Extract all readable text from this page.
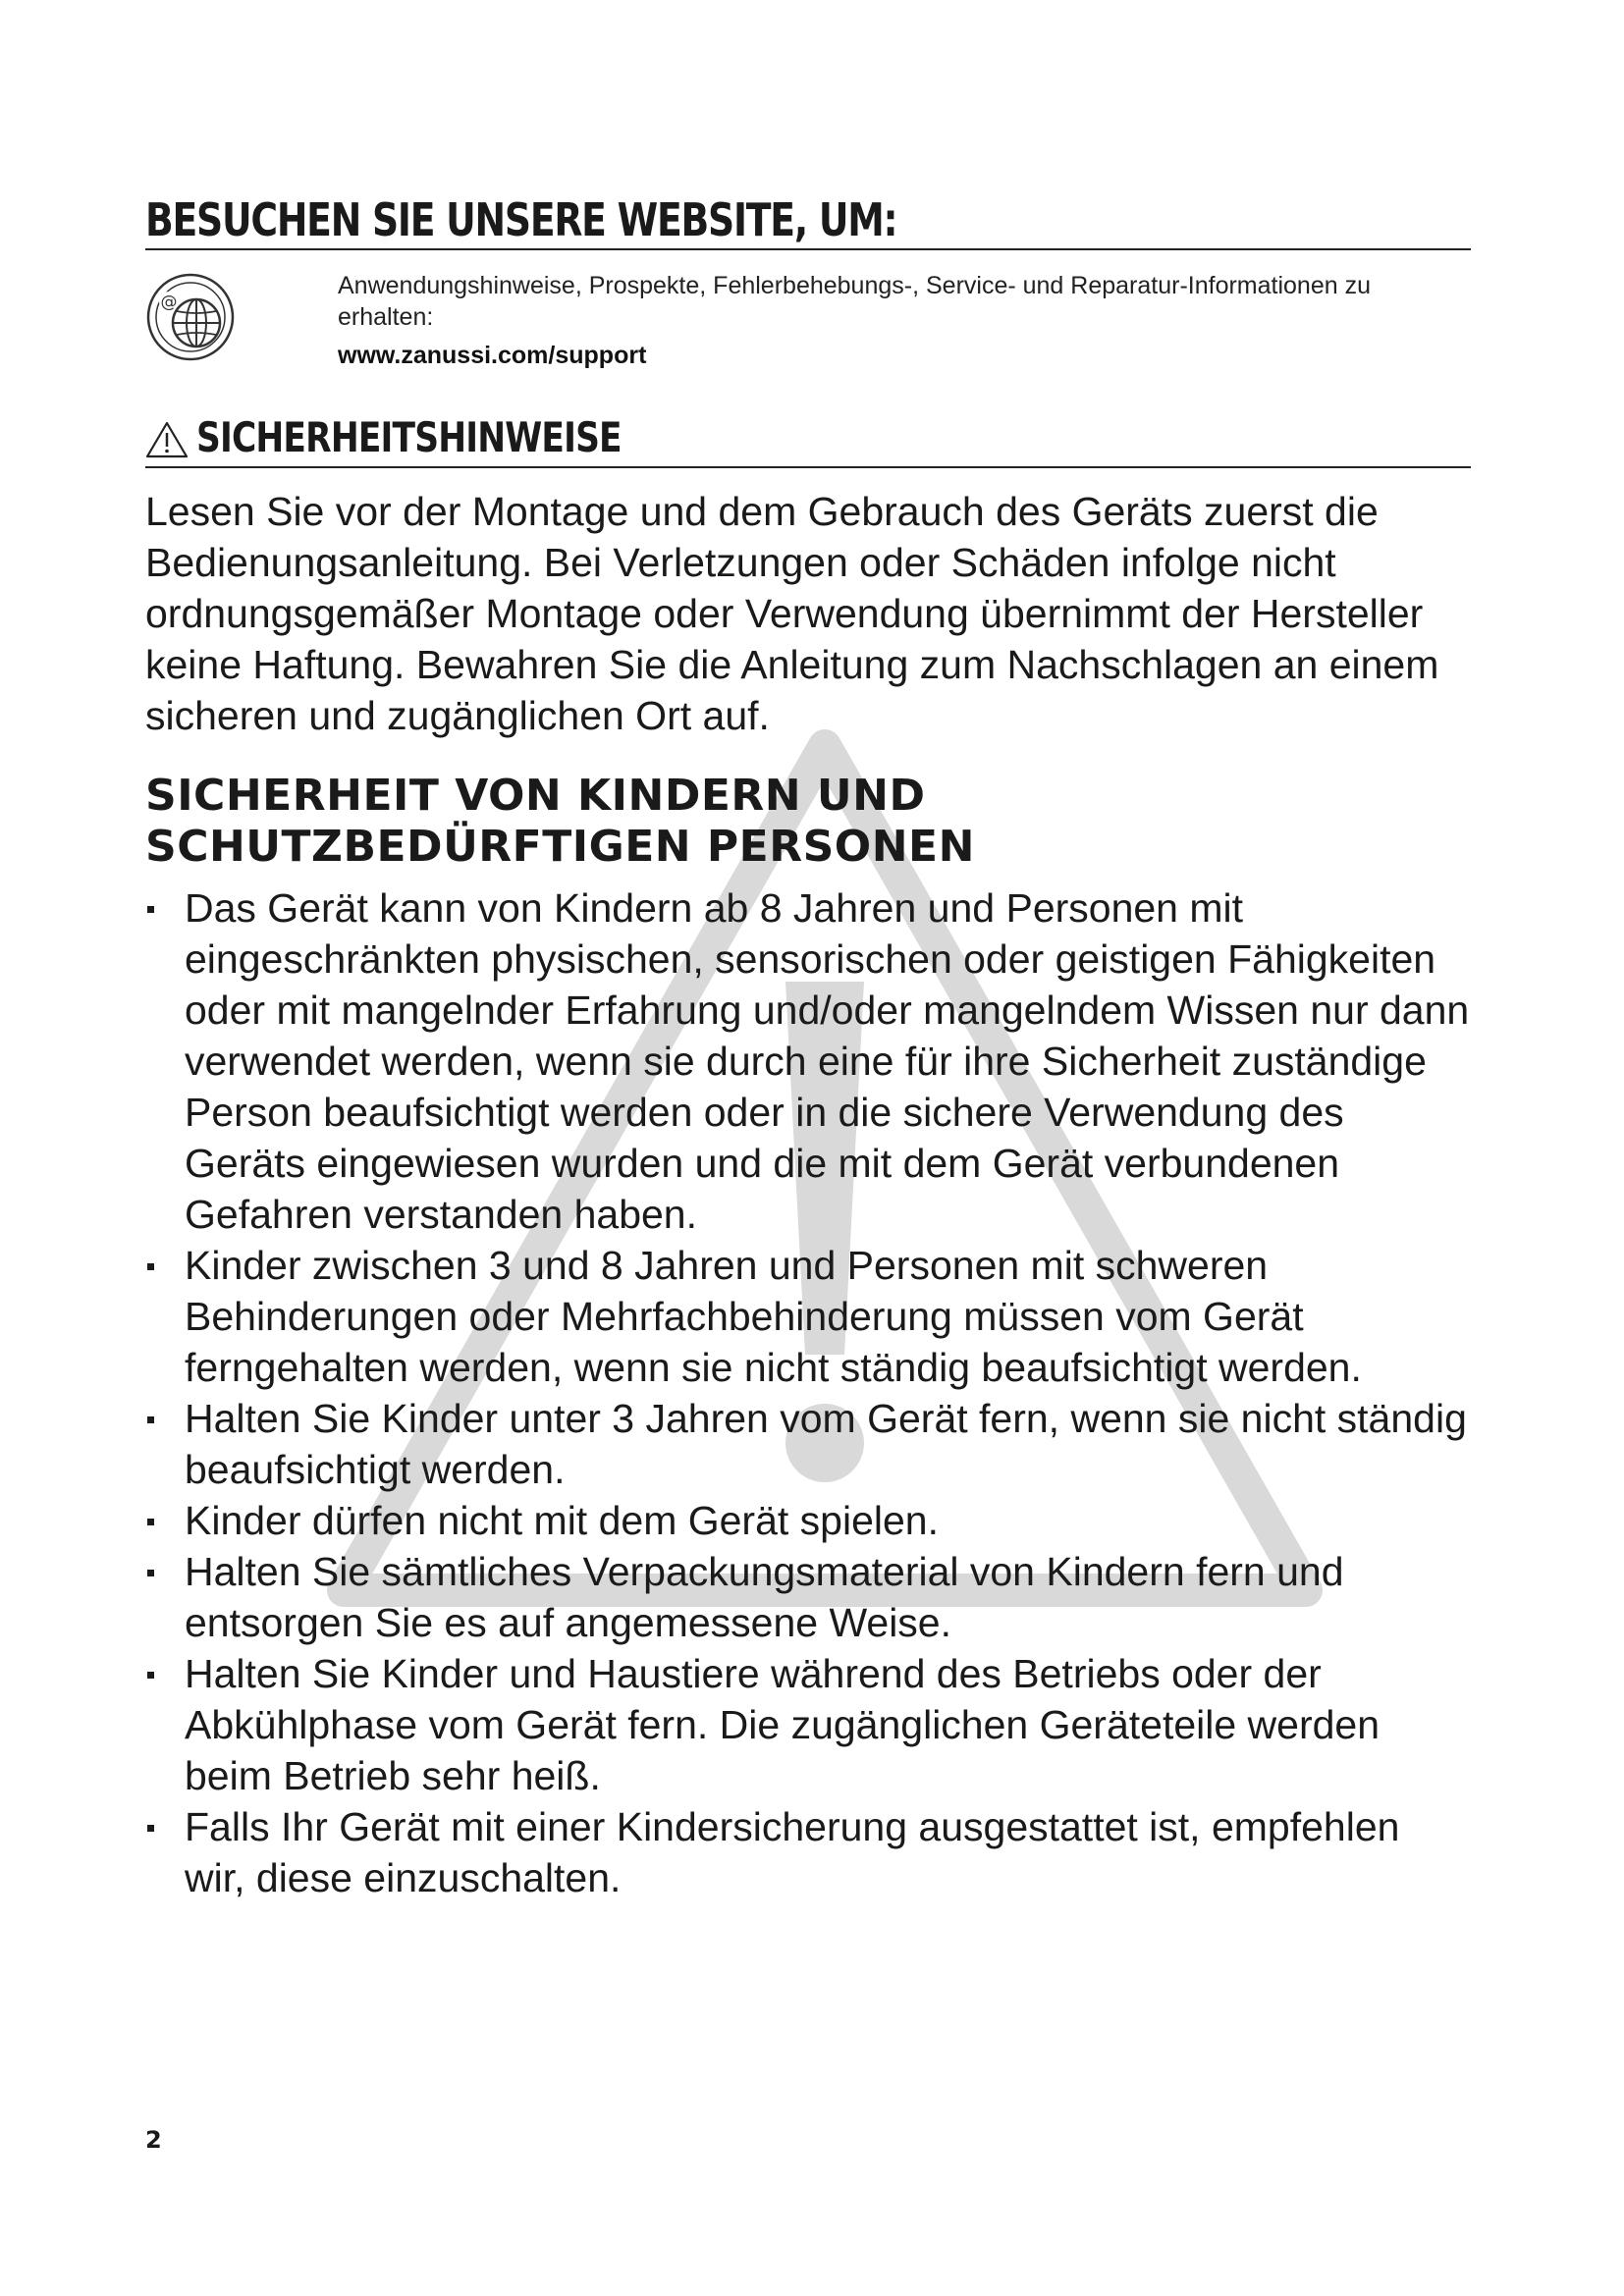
BESUCHEN SIE UNSERE WEBSITE, UM:
@

Anwendungshinweise, Prospekte, Fehlerbehebungs-, Service- und Reparatur-Informationen zu erhalten:

www.zanussi.com/support

SICHERHEITSHINWEISE

Lesen Sie vor der Montage und dem Gebrauch des Geräts zuerst die Bedienungsanleitung. Bei Verletzungen oder Schäden infolge nicht ordnungsgemäßer Montage oder Verwendung übernimmt der Hersteller keine Haftung. Bewahren Sie die Anleitung zum Nachschlagen an einem sicheren und zugänglichen Ort auf.

SICHERHEIT VON KINDERN UND
SCHUTZBEDÜRFTIGEN PERSONEN
Das Gerät kann von Kindern ab 8 Jahren und Personen mit eingeschränkten physischen, sensorischen oder geistigen Fähigkeiten oder mit mangelnder Erfahrung und/oder mangelndem Wissen nur dann verwendet werden, wenn sie durch eine für ihre Sicherheit zuständige Person beaufsichtigt werden oder in die sichere Verwendung des Geräts eingewiesen wurden und die mit dem Gerät verbundenen Gefahren verstanden haben.
Kinder zwischen 3 und 8 Jahren und Personen mit schweren Behinderungen oder Mehrfachbehinderung müssen vom Gerät ferngehalten werden, wenn sie nicht ständig beaufsichtigt werden.
Halten Sie Kinder unter 3 Jahren vom Gerät fern, wenn sie nicht ständig beaufsichtigt werden.
Kinder dürfen nicht mit dem Gerät spielen.
Halten Sie sämtliches Verpackungsmaterial von Kindern fern und entsorgen Sie es auf angemessene Weise.
Halten Sie Kinder und Haustiere während des Betriebs oder der Abkühlphase vom Gerät fern. Die zugänglichen Geräteteile werden beim Betrieb sehr heiß.
Falls Ihr Gerät mit einer Kindersicherung ausgestattet ist, empfehlen wir, diese einzuschalten.
2
